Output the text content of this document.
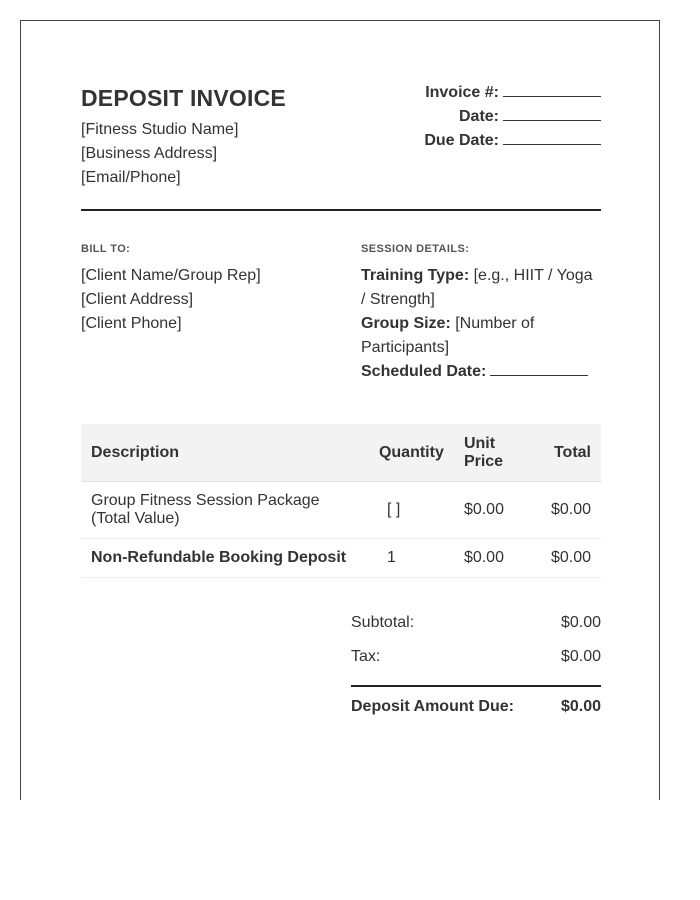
DEPOSIT INVOICE
[Fitness Studio Name]
[Business Address]
[Email/Phone]
Invoice #:
Date:
Due Date:
BILL TO:
[Client Name/Group Rep]
[Client Address]
[Client Phone]
SESSION DETAILS:
Training Type: [e.g., HIIT / Yoga / Strength]
Group Size: [Number of Participants]
Scheduled Date:
Description	Quantity	Unit Price	Total
Group Fitness Session Package (Total Value)	[ ]	$0.00	$0.00
Non-Refundable Booking Deposit	1	$0.00	$0.00
Subtotal:	$0.00
Tax:	$0.00
Deposit Amount Due:	$0.00
